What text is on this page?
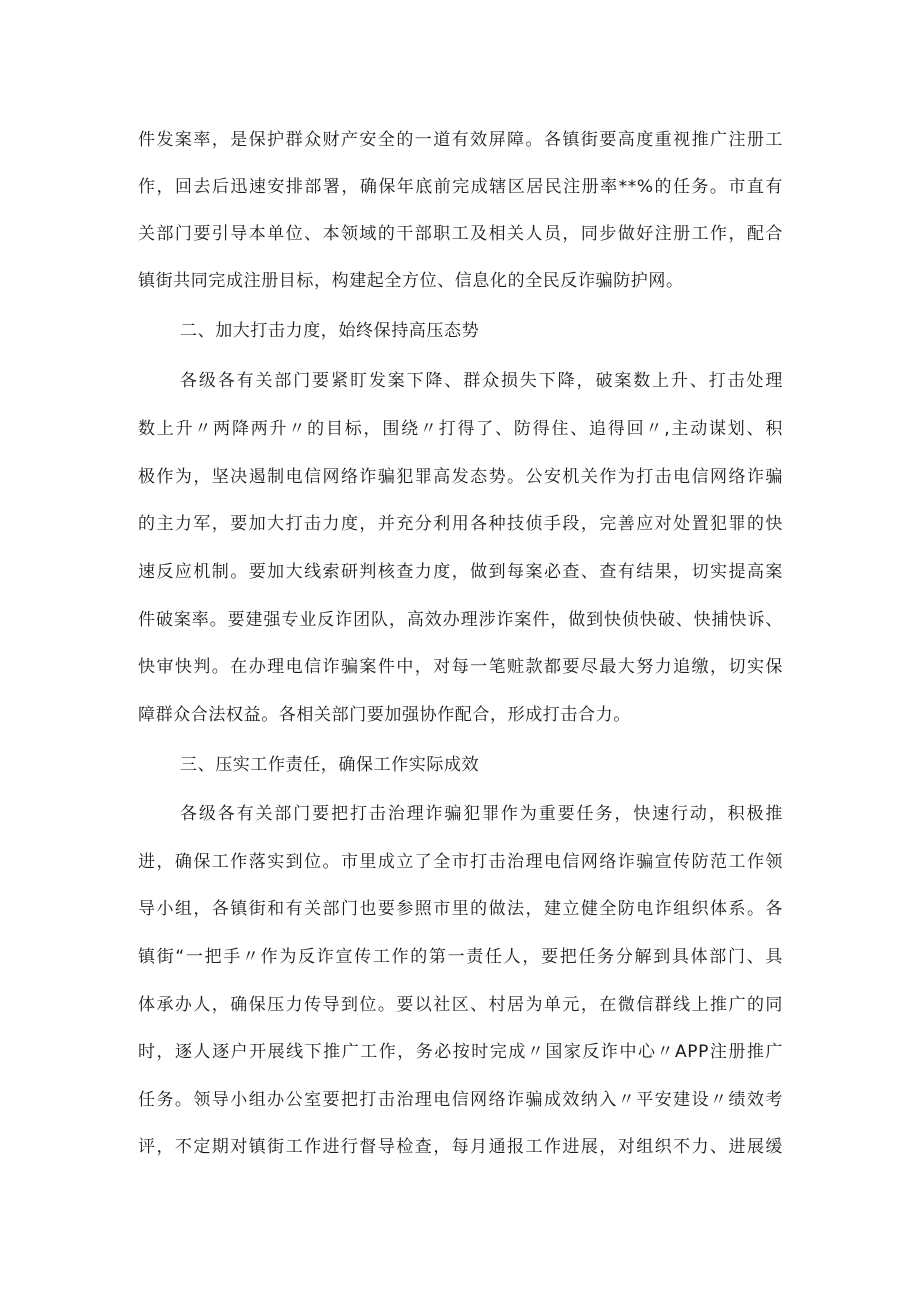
件发案率，是保护群众财产安全的一道有效屏障。各镇街要高度重视推广注册工
作，回去后迅速安排部署，确保年底前完成辖区居民注册率**%的任务。市直有
关部门要引导本单位、本领域的干部职工及相关人员，同步做好注册工作，配合
镇街共同完成注册目标，构建起全方位、信息化的全民反诈骗防护网。
二、加大打击力度，始终保持高压态势
各级各有关部门要紧盯发案下降、群众损失下降，破案数上升、打击处理
数上升〃两降两升〃的目标，围绕〃打得了、防得住、追得回〃,主动谋划、积
极作为，坚决遏制电信网络诈骗犯罪高发态势。公安机关作为打击电信网络诈骗
的主力军，要加大打击力度，并充分利用各种技侦手段，完善应对处置犯罪的快
速反应机制。要加大线索研判核查力度，做到每案必查、查有结果，切实提高案
件破案率。要建强专业反诈团队，高效办理涉诈案件，做到快侦快破、快捕快诉、
快审快判。在办理电信诈骗案件中，对每一笔赃款都要尽最大努力追缴，切实保
障群众合法权益。各相关部门要加强协作配合，形成打击合力。
三、压实工作责任，确保工作实际成效
各级各有关部门要把打击治理诈骗犯罪作为重要任务，快速行动，积极推
进，确保工作落实到位。市里成立了全市打击治理电信网络诈骗宣传防范工作领
导小组，各镇街和有关部门也要参照市里的做法，建立健全防电诈组织体系。各
镇街“一把手〃作为反诈宣传工作的第一责任人，要把任务分解到具体部门、具
体承办人，确保压力传导到位。要以社区、村居为单元，在微信群线上推广的同
时，逐人逐户开展线下推广工作，务必按时完成〃国家反诈中心〃APP注册推广
任务。领导小组办公室要把打击治理电信网络诈骗成效纳入〃平安建设〃绩效考
评，不定期对镇街工作进行督导检查，每月通报工作进展，对组织不力、进展缓
